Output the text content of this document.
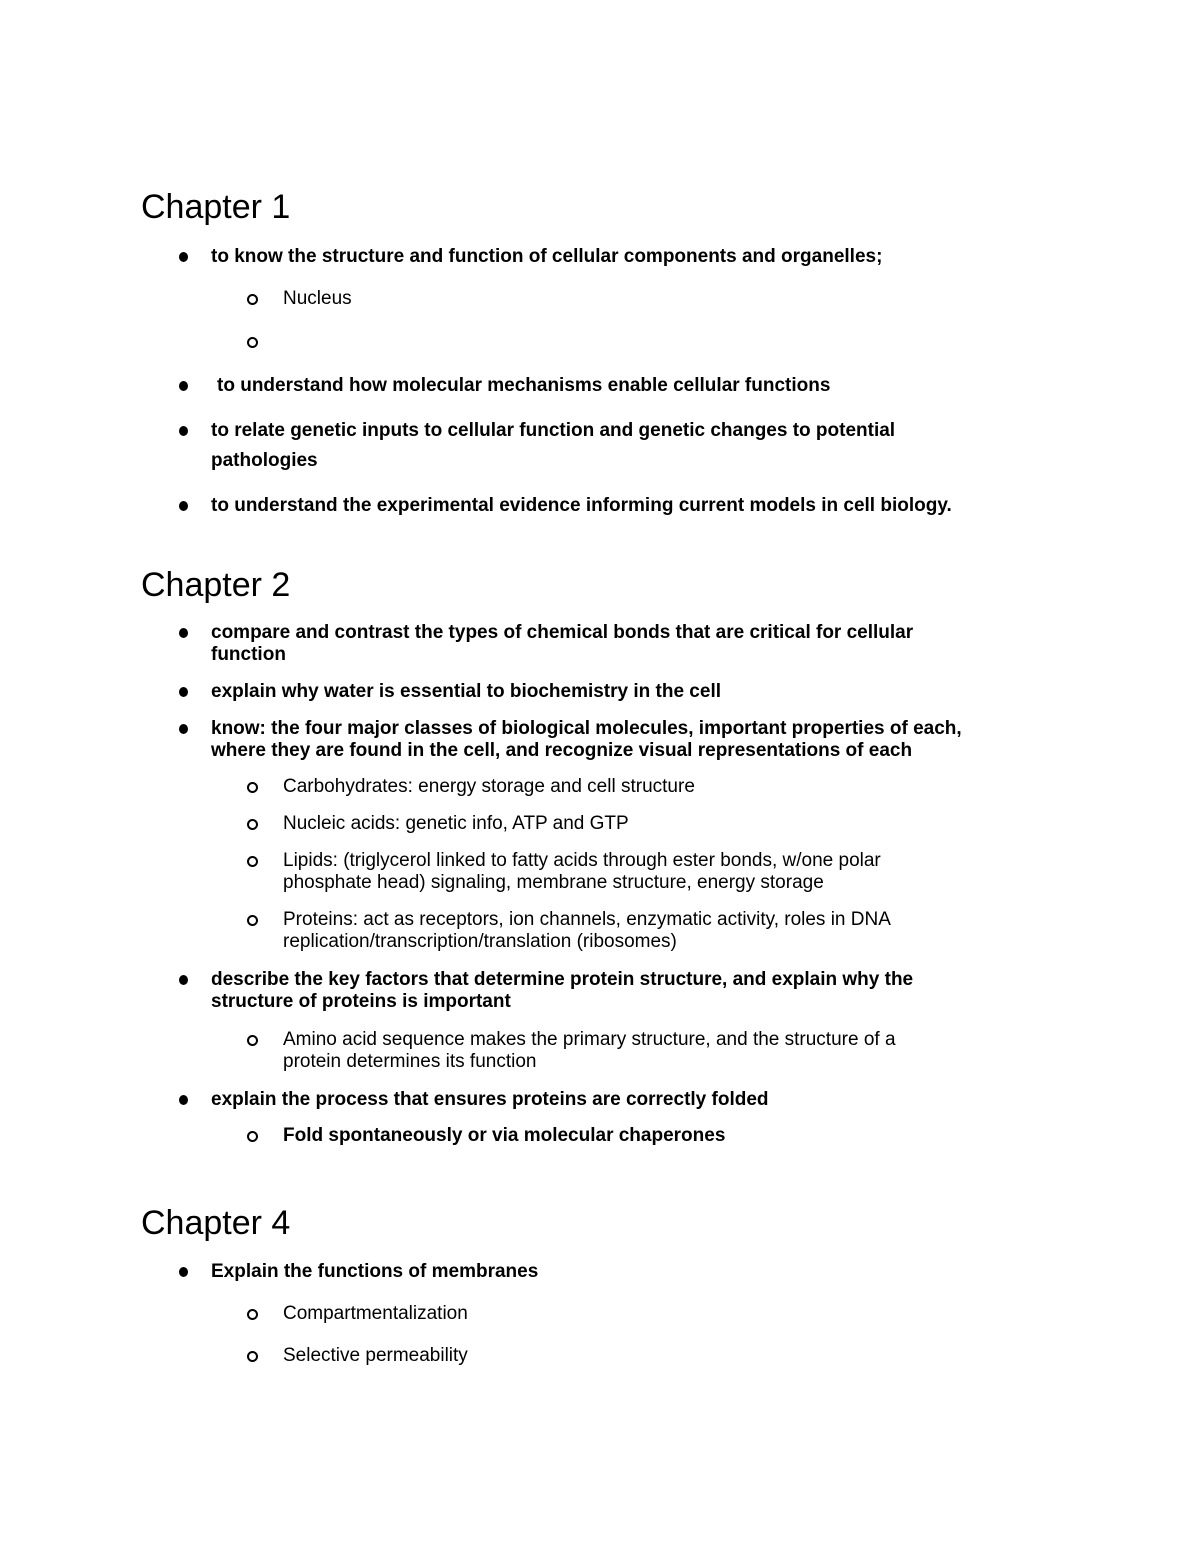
Chapter 1
to know the structure and function of cellular components and organelles;
Nucleus
to understand how molecular mechanisms enable cellular functions
to relate genetic inputs to cellular function and genetic changes to potential
pathologies
to understand the experimental evidence informing current models in cell biology.
Chapter 2
compare and contrast the types of chemical bonds that are critical for cellular
function
explain why water is essential to biochemistry in the cell
know: the four major classes of biological molecules, important properties of each,
where they are found in the cell, and recognize visual representations of each
Carbohydrates: energy storage and cell structure
Nucleic acids: genetic info, ATP and GTP
Lipids: (triglycerol linked to fatty acids through ester bonds, w/one polar
phosphate head) signaling, membrane structure, energy storage
Proteins: act as receptors, ion channels, enzymatic activity, roles in DNA
replication/transcription/translation (ribosomes)
describe the key factors that determine protein structure, and explain why the
structure of proteins is important
Amino acid sequence makes the primary structure, and the structure of a
protein determines its function
explain the process that ensures proteins are correctly folded
Fold spontaneously or via molecular chaperones
Chapter 4
Explain the functions of membranes
Compartmentalization
Selective permeability
